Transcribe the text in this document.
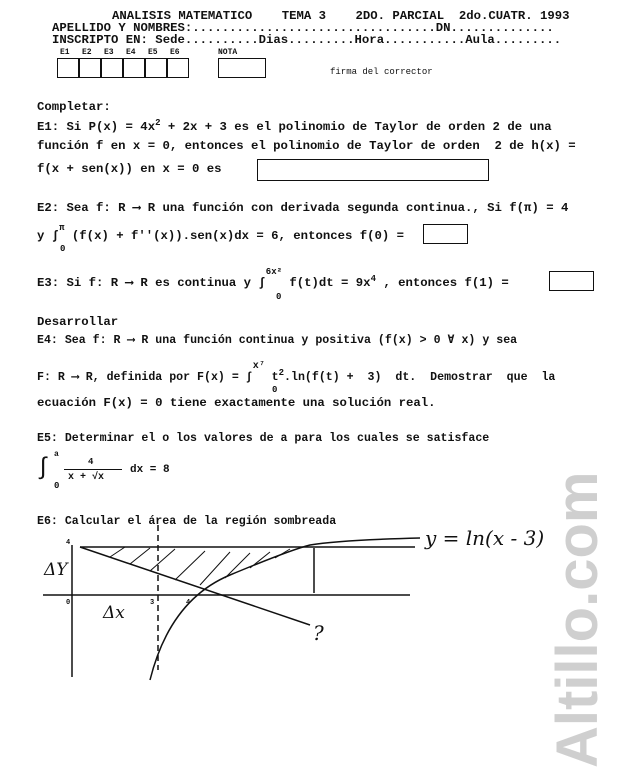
Altillo.com
ANALISIS MATEMATICO    TEMA 3    2DO. PARCIAL  2do.CUATR. 1993
APELLIDO Y NOMBRES:.................................DN..............
INSCRIPTO EN: Sede..........Dias.........Hora...........Aula.........
E1 E2 E3 E4 E5 E6	NOTA
firma del corrector
Completar:
E1: Si $P(x) = 4x^2 + 2x + 3$ es el polinomio de Taylor de orden 2 de una
función f en x = 0, entonces el polinomio de Taylor de orden  2 de h(x) =
f(x + sen(x)) en x = 0 es
E2: Sea f: R ⟶ R una función con derivada segunda continua., Si f(π) = 4
y ∫$^\pi$ (f(x) + f''(x)).sen(x)dx = 6, entonces f(0) =
0
E3: Si f: R ⟶ R es continua y ∫$^{6x^2}$ $f(t)dt = 9x^4$ , entonces f(1) =
0
Desarrollar
E4: Sea f: R ⟶ R una función continua y positiva (f(x) > 0 ∀ x) y sea
F: R ⟶ R, definida por F(x) = ∫x⁷ $t^2.\ln(f(t) + 3)$  dt.  Demostrar  que  la
0
ecuación F(x) = 0 tiene exactamente una solución real.
E5: Determinar el o los valores de a para los cuales se satisface
∫
a
0
4
x + √x
dx = 8
E6: Calcular el área de la región sombreada
4
0	3	4
ΔY
Δx
?
y = ln(x - 3)
